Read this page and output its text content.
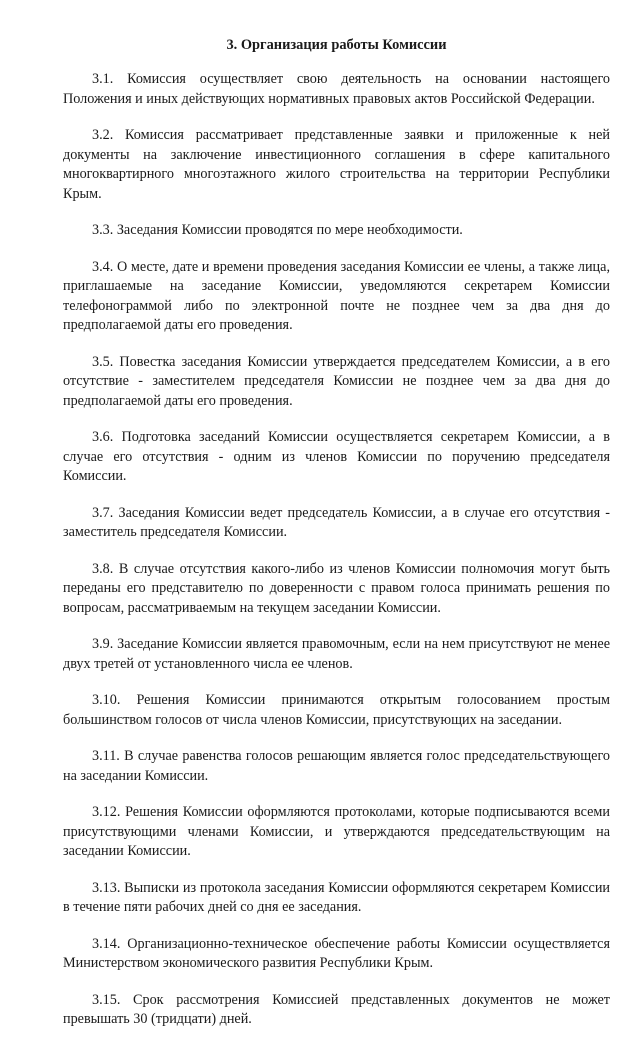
3. Организация работы Комиссии

3.1. Комиссия осуществляет свою деятельность на основании настоящего Положения и иных действующих нормативных правовых актов Российской Федерации.

3.2. Комиссия рассматривает представленные заявки и приложенные к ней документы на заключение инвестиционного соглашения в сфере капитального многоквартирного многоэтажного жилого строительства на территории Республики Крым.

3.3. Заседания Комиссии проводятся по мере необходимости.

3.4. О месте, дате и времени проведения заседания Комиссии ее члены, а также лица, приглашаемые на заседание Комиссии, уведомляются секретарем Комиссии телефонограммой либо по электронной почте не позднее чем за два дня до предполагаемой даты его проведения.

3.5. Повестка заседания Комиссии утверждается председателем Комиссии, а в его отсутствие - заместителем председателя Комиссии не позднее чем за два дня до предполагаемой даты его проведения.

3.6. Подготовка заседаний Комиссии осуществляется секретарем Комиссии, а в случае его отсутствия - одним из членов Комиссии по поручению председателя Комиссии.

3.7. Заседания Комиссии ведет председатель Комиссии, а в случае его отсутствия - заместитель председателя Комиссии.

3.8. В случае отсутствия какого-либо из членов Комиссии полномочия могут быть переданы его представителю по доверенности с правом голоса принимать решения по вопросам, рассматриваемым на текущем заседании Комиссии.

3.9. Заседание Комиссии является правомочным, если на нем присутствуют не менее двух третей от установленного числа ее членов.

3.10. Решения Комиссии принимаются открытым голосованием простым большинством голосов от числа членов Комиссии, присутствующих на заседании.

3.11. В случае равенства голосов решающим является голос председательствующего на заседании Комиссии.

3.12. Решения Комиссии оформляются протоколами, которые подписываются всеми присутствующими членами Комиссии, и утверждаются председательствующим на заседании Комиссии.

3.13. Выписки из протокола заседания Комиссии оформляются секретарем Комиссии в течение пяти рабочих дней со дня ее заседания.

3.14. Организационно-техническое обеспечение работы Комиссии осуществляется Министерством экономического развития Республики Крым.

3.15. Срок рассмотрения Комиссией представленных документов не может превышать 30 (тридцати) дней.
